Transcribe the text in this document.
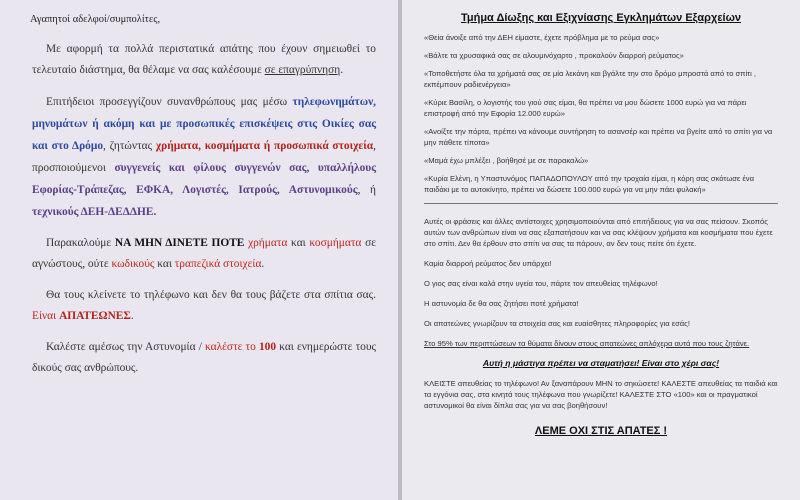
Αγαπητοί αδελφοί/συμπολίτες,

Με αφορμή τα πολλά περιστατικά απάτης που έχουν σημειωθεί το τελευταίο διάστημα, θα θέλαμε να σας καλέσουμε σε επαγρύπνηση.

Επιτήδειοι προσεγγίζουν συνανθρώπους μας μέσω τηλεφωνημάτων, μηνυμάτων ή ακόμη και με προσωπικές επισκέψεις στις Οικίες σας και στο Δρόμο, ζητώντας χρήματα, κοσμήματα ή προσωπικά στοιχεία, προσποιούμενοι συγγενείς και φίλους συγγενών σας, υπαλλήλους Εφορίας-Τράπεζας, ΕΦΚΑ, Λογιστές, Ιατρούς, Αστυνομικούς, ή τεχνικούς ΔΕΗ-ΔΕΔΔΗΕ.

Παρακαλούμε ΝΑ ΜΗΝ ΔΙΝΕΤΕ ΠΟΤΕ χρήματα και κοσμήματα σε αγνώστους, ούτε κωδικούς και τραπεζικά στοιχεία.

Θα τους κλείνετε το τηλέφωνο και δεν θα τους βάζετε στα σπίτια σας. Είναι ΑΠΑΤΕΩΝΕΣ.

Καλέστε αμέσως την Αστυνομία / καλέστε το 100 και ενημερώστε τους δικούς σας ανθρώπους.

Τμήμα Δίωξης και Εξιχνίασης Εγκλημάτων Εξαρχείων

«Θεία άνοιξε από την ΔΕΗ είμαστε, έχετε πρόβλημα με το ρεύμα σας»

«Βάλτε τα χρυσαφικά σας σε αλουμινόχαρτο , προκαλούν διαρροή ρεύματος»

«Τοποθετήστε όλα τα χρήματά σας σε μία λεκάνη και βγάλτε την στο δρόμο μπροστά από το σπίτι , εκπέμπουν ραδιενέργεια»

«Κύριε Βασίλη, ο λογιστής του γιού σας είμαι, θα πρέπει να μου δώσετε 1000 ευρώ για να πάρει επιστροφή από την Εφορία 12.000 ευρώ»

«Ανοίξτε την πόρτα, πρέπει να κάνουμε συντήρηση το ασανσέρ και πρέπει να βγείτε από το σπίτι για να μην πάθετε τίποτα»

«Μαμά έχω μπλέξει , βοήθησέ με σε παρακαλώ»

«Κυρία Ελένη, η Υπαστυνόμος ΠΑΠΑΔΟΠΟΥΛΟΥ από την τροχαία είμαι, η κόρη σας σκότωσε ένα παιδάκι με το αυτοκίνητο, πρέπει να δώσετε 100.000 ευρώ για να μην πάει φυλακή»

Αυτές οι φράσεις και άλλες αντίστοιχες χρησιμοποιούνται από επιτήδειους για να σας πείσουν. Σκοπός αυτών των ανθρώπων είναι να σας εξαπατήσουν και να σας κλέψουν χρήματα και κοσμήματα που έχετε στο σπίτι. Δεν θα έρθουν στο σπίτι να σας τα πάρουν, αν δεν τους πείτε ότι έχετε.

Καμία διαρροή ρεύματος δεν υπάρχει!

Ο γιος σας είναι καλά στην υγεία του, πάρτε τον απευθείας τηλέφωνο!

Η αστυνομία δε θα σας ζητήσει ποτέ χρήματα!

Οι απατεώνες γνωρίζουν τα στοιχεία σας και ευαίσθητες πληροφορίες για εσάς!

Στο 95% των περιπτώσεων τα θύματα δίνουν στους απατεώνες απλόχερα αυτά που τους ζητάνε.

Αυτή η μάστιγα πρέπει να σταματήσει! Είναι στο χέρι σας!

ΚΛΕΙΣΤΕ απευθείας το τηλέφωνο! Αν ξαναπάρουν ΜΗΝ το σηκώσετε! ΚΑΛΕΣΤΕ απευθείας τα παιδιά και τα εγγόνια σας, στα κινητά τους τηλέφωνα που γνωρίζετε! ΚΑΛΕΣΤΕ ΣΤΟ «100» και οι πραγματικοί αστυνομικοί θα είναι δίπλα σας για να σας βοηθήσουν!

ΛΕΜΕ ΟΧΙ ΣΤΙΣ ΑΠΑΤΕΣ !
